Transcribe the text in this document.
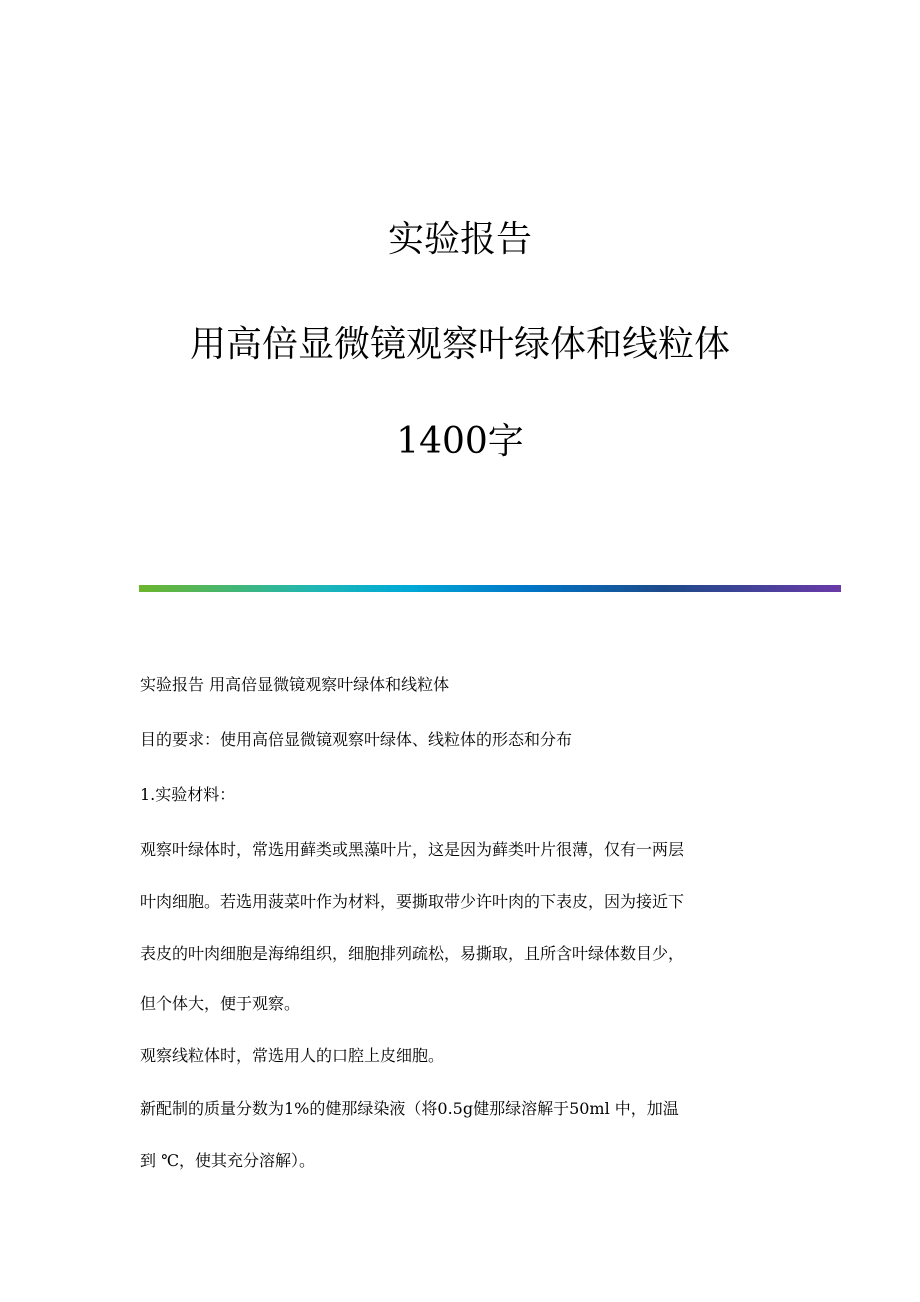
实验报告
用高倍显微镜观察叶绿体和线粒体
1400字
实验报告 用高倍显微镜观察叶绿体和线粒体
目的要求：使用高倍显微镜观察叶绿体、线粒体的形态和分布
1.实验材料：
观察叶绿体时，常选用藓类或黑藻叶片，这是因为藓类叶片很薄，仅有一两层
叶肉细胞。若选用菠菜叶作为材料，要撕取带少许叶肉的下表皮，因为接近下
表皮的叶肉细胞是海绵组织，细胞排列疏松，易撕取，且所含叶绿体数目少，
但个体大，便于观察。
观察线粒体时，常选用人的口腔上皮细胞。
新配制的质量分数为1%的健那绿染液（将0.5g健那绿溶解于50ml 中，加温
到 ℃，使其充分溶解）。
